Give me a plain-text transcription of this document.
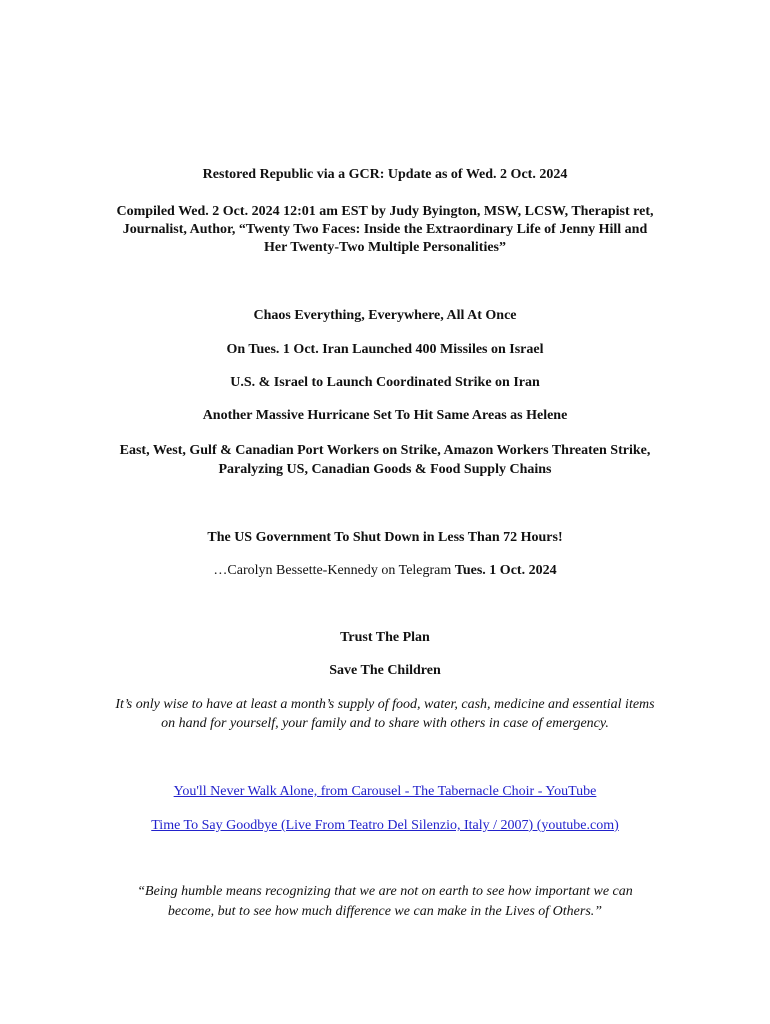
Restored Republic via a GCR: Update as of Wed. 2 Oct. 2024

Compiled Wed. 2 Oct. 2024 12:01 am EST by Judy Byington, MSW, LCSW, Therapist ret,

Journalist, Author, “Twenty Two Faces: Inside the Extraordinary Life of Jenny Hill and

Her Twenty-Two Multiple Personalities”

Chaos Everything, Everywhere, All At Once

On Tues. 1 Oct. Iran Launched 400 Missiles on Israel

U.S. & Israel to Launch Coordinated Strike on Iran

Another Massive Hurricane Set To Hit Same Areas as Helene

East, West, Gulf & Canadian Port Workers on Strike, Amazon Workers Threaten Strike,

Paralyzing US, Canadian Goods & Food Supply Chains

The US Government To Shut Down in Less Than 72 Hours!

…Carolyn Bessette-Kennedy on Telegram Tues. 1 Oct. 2024

Trust The Plan

Save The Children

It’s only wise to have at least a month’s supply of food, water, cash, medicine and essential items

on hand for yourself, your family and to share with others in case of emergency.

You'll Never Walk Alone, from Carousel - The Tabernacle Choir - YouTube

Time To Say Goodbye (Live From Teatro Del Silenzio, Italy / 2007) (youtube.com)

“Being humble means recognizing that we are not on earth to see how important we can

become, but to see how much difference we can make in the Lives of Others.”
